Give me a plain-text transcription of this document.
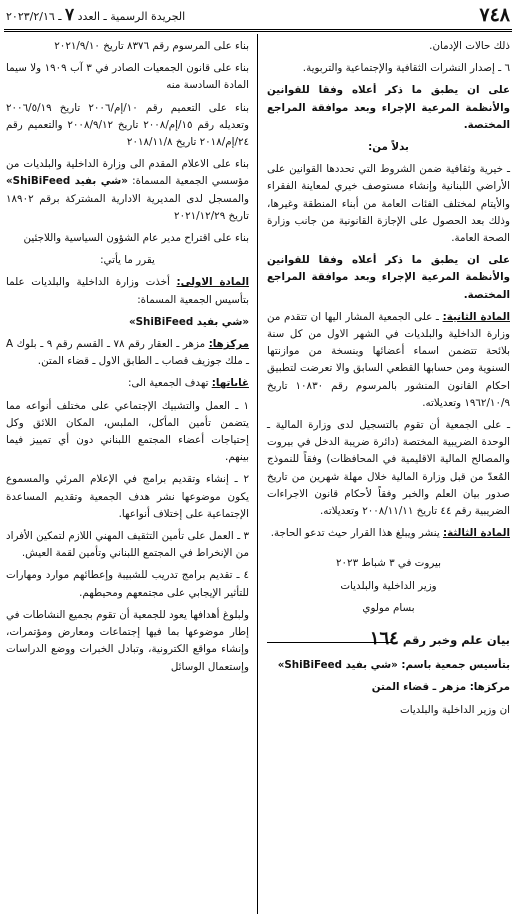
٧٤٨
الجريدة الرسمية ـ العدد ٧ ـ ٢٠٢٣/٢/١٦

ذلك حالات الإدمان.

٦ ـ إصدار النشرات الثقافية والإجتماعية والتربوية.

على ان يطبق ما ذكر أعلاه وفقا للقوانين والأنظمة المرعية الإجراء وبعد موافقة المراجع المختصة.

بدلاً من:

ـ خيرية وثقافية ضمن الشروط التي تحددها القوانين على الأراضي اللبنانية وإنشاء مستوصف خيري لمعاينة الفقراء والأيتام لمختلف الفئات العامة من أبناء المنطقة وغيرها، وذلك بعد الحصول على الإجازة القانونية من جانب وزارة الصحة العامة.

على ان يطبق ما ذكر أعلاه وفقا للقوانين والأنظمة المرعية الإجراء وبعد موافقة المراجع المختصة.

المادة الثانية: ـ على الجمعية المشار اليها ان تتقدم من وزارة الداخلية والبلديات في الشهر الاول من كل سنة بلائحة تتضمن اسماء أعضائها وبنسخة من موازنتها السنوية ومن حسابها القطعي السابق والا تعرضت لتطبيق احكام القانون المنشور بالمرسوم رقم ١٠٨٣٠ تاريخ ١٩٦٢/١٠/٩ وتعديلاته.

ـ على الجمعية أن تقوم بالتسجيل لدى وزارة المالية ـ الوحدة الضريبية المختصة (دائرة ضريبة الدخل في بيروت والمصالح المالية الاقليمية في المحافظات) وفقاً للنموذج المُعدّ من قبل وزارة المالية خلال مهلة شهرين من تاريخ صدور بيان العلم والخبر وفقاً لأحكام قانون الاجراءات الضريبية رقم ٤٤ تاريخ ٢٠٠٨/١١/١١ وتعديلاته.

المادة الثالثة: ينشر ويبلغ هذا القرار حيث تدعو الحاجة.

بيروت في ٣ شباط ٢٠٢٣

وزير الداخلية والبلديات

بسام مولوي

بيان علم وخبر رقم ١٦٤

بتأسيس جمعية باسم: «شي بفيد ShiBiFeed»

مركزها: مزهر ـ قضاء المتن

ان وزير الداخلية والبلديات

بناء على المرسوم رقم ٨٣٧٦ تاريخ ٢٠٢١/٩/١٠

بناء على قانون الجمعيات الصادر في ٣ آب ١٩٠٩ ولا سيما المادة السادسة منه

بناء على التعميم رقم ١٠/إم/٢٠٠٦ تاريخ ٢٠٠٦/٥/١٩ وتعديله رقم ١٥/إم/٢٠٠٨ تاريخ ٢٠٠٨/٩/١٢ والتعميم رقم ٢٤/إم/٢٠١٨ تاريخ ٢٠١٨/١١/٨

بناء على الاعلام المقدم الى وزارة الداخلية والبلديات من مؤسسي الجمعية المسماة: «شي بفيد ShiBiFeed» والمسجل لدى المديرية الادارية المشتركة برقم ١٨٩٠٢ تاريخ ٢٠٢١/١٢/٢٩

بناء على اقتراح مدير عام الشؤون السياسية واللاجئين

يقرر ما يأتي:

المادة الاولى: أخذت وزارة الداخلية والبلديات علما بتأسيس الجمعية المسماة:

«شي بفيد ShiBiFeed»

مركزها: مزهر ـ العقار رقم ٧٨ ـ القسم رقم ٩ ـ بلوك A ـ ملك جوزيف قصاب ـ الطابق الاول ـ قضاء المتن.

غاياتها: تهدف الجمعية الى:

١ ـ العمل والتشبيك الإجتماعي على مختلف أنواعه مما يتضمن تأمين المأكل، الملبس، المكان اللائق وكل إحتياجات أعضاء المجتمع اللبناني دون أي تمييز فيما بينهم.

٢ ـ إنشاء وتقديم برامج في الإعلام المرئي والمسموع يكون موضوعها نشر هدف الجمعية وتقديم المساعدة الإجتماعية على إختلاف أنواعها.

٣ ـ العمل على تأمين التثقيف المهني اللازم لتمكين الأفراد من الإنخراط في المجتمع اللبناني وتأمين لقمة العيش.

٤ ـ تقديم برامج تدريب للشبيبة وإعطائهم موارد ومهارات للتأثير الإيجابي على مجتمعهم ومحيطهم.

ولبلوغ أهدافها يعود للجمعية أن تقوم بجميع النشاطات في إطار موضوعها بما فيها إجتماعات ومعارض ومؤتمرات، وإنشاء مواقع الكترونية، وتبادل الخبرات ووضع الدراسات وإستعمال الوسائل
